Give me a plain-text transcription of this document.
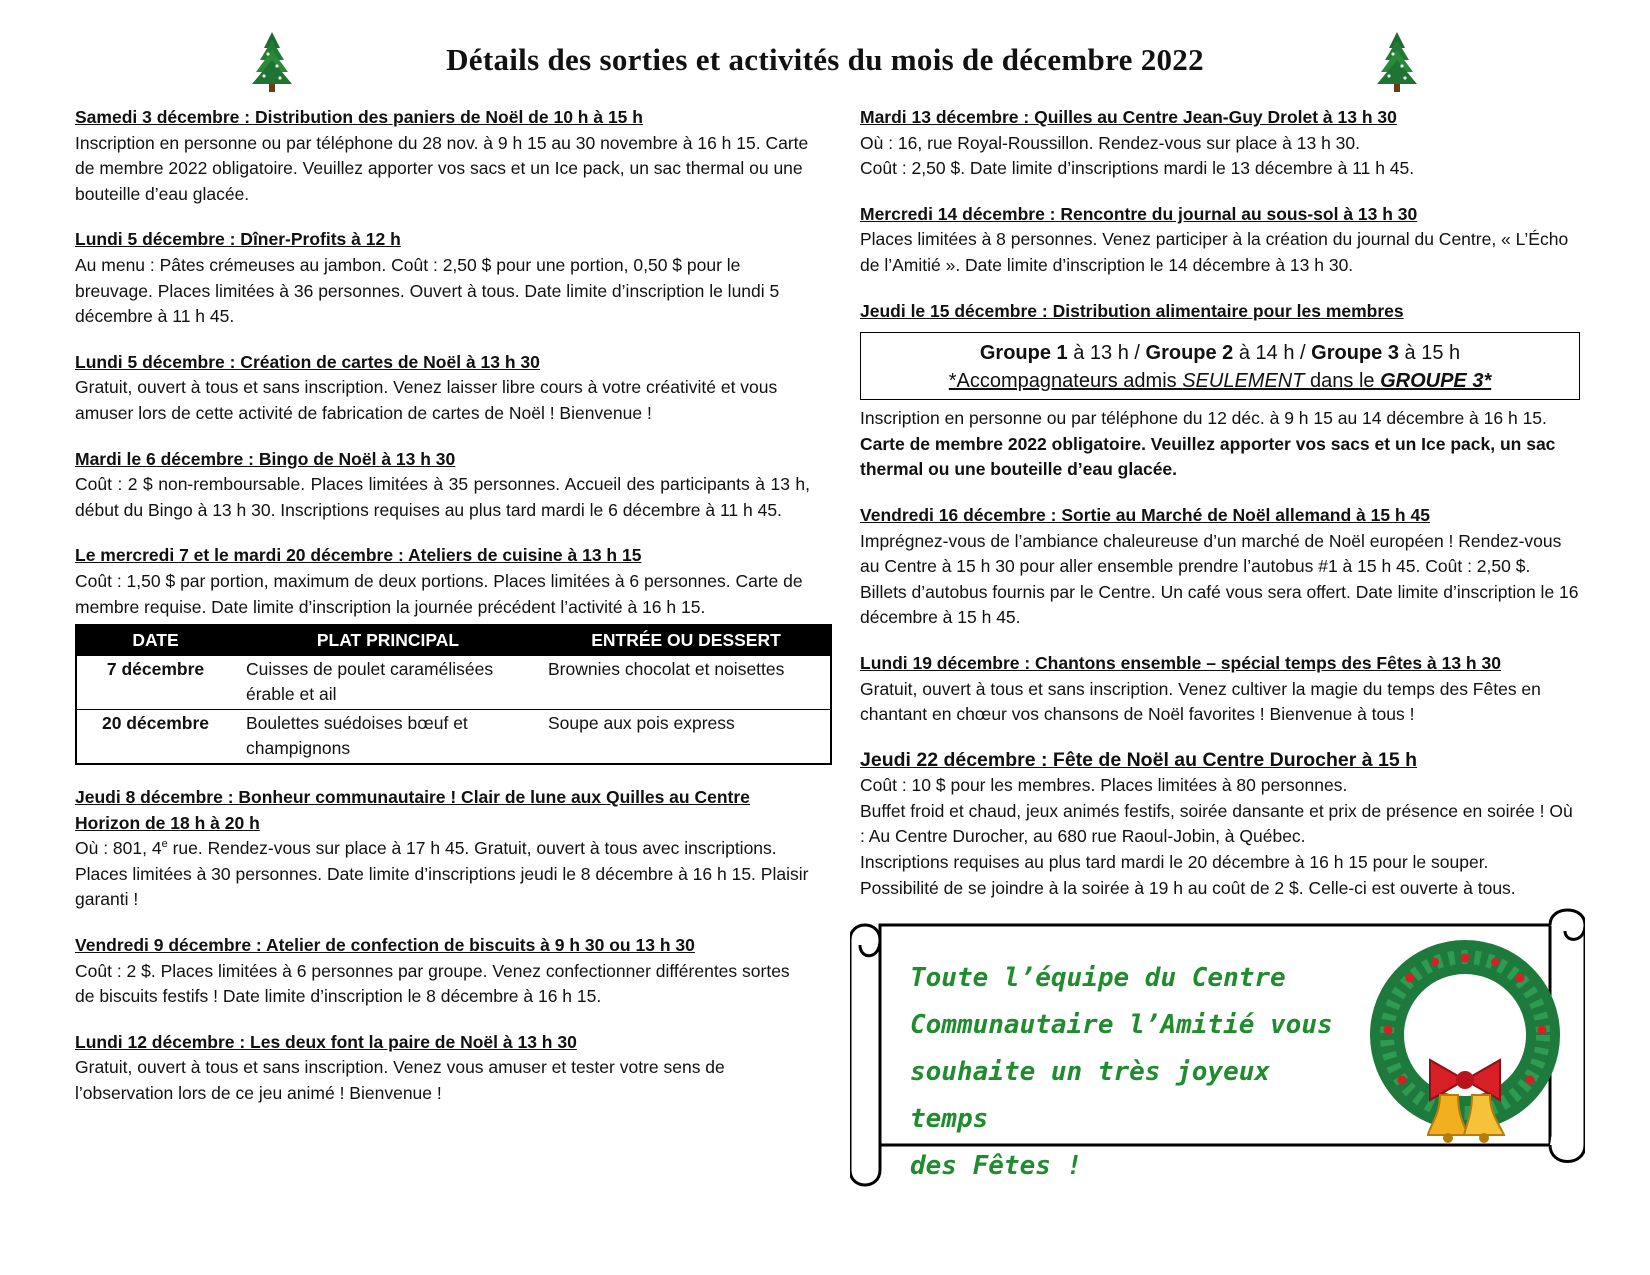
Détails des sorties et activités du mois de décembre 2022
Samedi 3 décembre : Distribution des paniers de Noël de 10 h à 15 h
Inscription en personne ou par téléphone du 28 nov. à 9 h 15 au 30 novembre à 16 h 15. Carte de membre 2022 obligatoire. Veuillez apporter vos sacs et un Ice pack, un sac thermal ou une bouteille d’eau glacée.
Lundi 5 décembre : Dîner-Profits à 12 h
Au menu : Pâtes crémeuses au jambon. Coût : 2,50 $ pour une portion, 0,50 $ pour le breuvage. Places limitées à 36 personnes. Ouvert à tous. Date limite d’inscription le lundi 5 décembre à 11 h 45.
Lundi 5 décembre : Création de cartes de Noël à 13 h 30
Gratuit, ouvert à tous et sans inscription. Venez laisser libre cours à votre créativité et vous amuser lors de cette activité de fabrication de cartes de Noël ! Bienvenue !
Mardi le 6 décembre : Bingo de Noël à 13 h 30
Coût : 2 $ non-remboursable. Places limitées à 35 personnes. Accueil des participants à 13 h, début du Bingo à 13 h 30. Inscriptions requises au plus tard mardi le 6 décembre à 11 h 45.
Le mercredi 7 et le mardi 20 décembre : Ateliers de cuisine à 13 h 15
Coût : 1,50 $ par portion, maximum de deux portions. Places limitées à 6 personnes. Carte de membre requise. Date limite d’inscription la journée précédent l’activité à 16 h 15.
DATE	PLAT PRINCIPAL	ENTRÉE OU DESSERT
7 décembre	Cuisses de poulet caramélisées érable et ail	Brownies chocolat et noisettes
20 décembre	Boulettes suédoises bœuf et champignons	Soupe aux pois express
Jeudi 8 décembre : Bonheur communautaire ! Clair de lune aux Quilles au Centre Horizon de 18 h à 20 h
Où : 801, 4e rue. Rendez-vous sur place à 17 h 45. Gratuit, ouvert à tous avec inscriptions. Places limitées à 30 personnes. Date limite d’inscriptions jeudi le 8 décembre à 16 h 15. Plaisir garanti !
Vendredi 9 décembre : Atelier de confection de biscuits à 9 h 30 ou 13 h 30
Coût : 2 $. Places limitées à 6 personnes par groupe. Venez confectionner différentes sortes de biscuits festifs ! Date limite d’inscription le 8 décembre à 16 h 15.
Lundi 12 décembre : Les deux font la paire de Noël à 13 h 30
Gratuit, ouvert à tous et sans inscription. Venez vous amuser et tester votre sens de l’observation lors de ce jeu animé ! Bienvenue !
Mardi 13 décembre : Quilles au Centre Jean-Guy Drolet à 13 h 30
Où : 16, rue Royal-Roussillon. Rendez-vous sur place à 13 h 30.
Coût : 2,50 $. Date limite d’inscriptions mardi le 13 décembre à 11 h 45.
Mercredi 14 décembre : Rencontre du journal au sous-sol à 13 h 30
Places limitées à 8 personnes. Venez participer à la création du journal du Centre, « L’Écho de l’Amitié ». Date limite d’inscription le 14 décembre à 13 h 30.
Jeudi le 15 décembre : Distribution alimentaire pour les membres
Groupe 1 à 13 h / Groupe 2 à 14 h / Groupe 3 à 15 h
*Accompagnateurs admis SEULEMENT dans le GROUPE 3*
Inscription en personne ou par téléphone du 12 déc. à 9 h 15 au 14 décembre à 16 h 15. Carte de membre 2022 obligatoire. Veuillez apporter vos sacs et un Ice pack, un sac thermal ou une bouteille d’eau glacée.
Vendredi 16 décembre : Sortie au Marché de Noël allemand à 15 h 45
Imprégnez-vous de l’ambiance chaleureuse d’un marché de Noël européen ! Rendez-vous au Centre à 15 h 30 pour aller ensemble prendre l’autobus #1 à 15 h 45. Coût : 2,50 $. Billets d’autobus fournis par le Centre. Un café vous sera offert. Date limite d’inscription le 16 décembre à 15 h 45.
Lundi 19 décembre : Chantons ensemble – spécial temps des Fêtes à 13 h 30
Gratuit, ouvert à tous et sans inscription. Venez cultiver la magie du temps des Fêtes en chantant en chœur vos chansons de Noël favorites ! Bienvenue à tous !
Jeudi 22 décembre : Fête de Noël au Centre Durocher à 15 h
Coût : 10 $ pour les membres. Places limitées à 80 personnes.
Buffet froid et chaud, jeux animés festifs, soirée dansante et prix de présence en soirée ! Où : Au Centre Durocher, au 680 rue Raoul-Jobin, à Québec.
Inscriptions requises au plus tard mardi le 20 décembre à 16 h 15 pour le souper.
Possibilité de se joindre à la soirée à 19 h au coût de 2 $. Celle-ci est ouverte à tous.
Toute l’équipe du Centre
Communautaire l’Amitié vous
souhaite un très joyeux temps
des Fêtes !
